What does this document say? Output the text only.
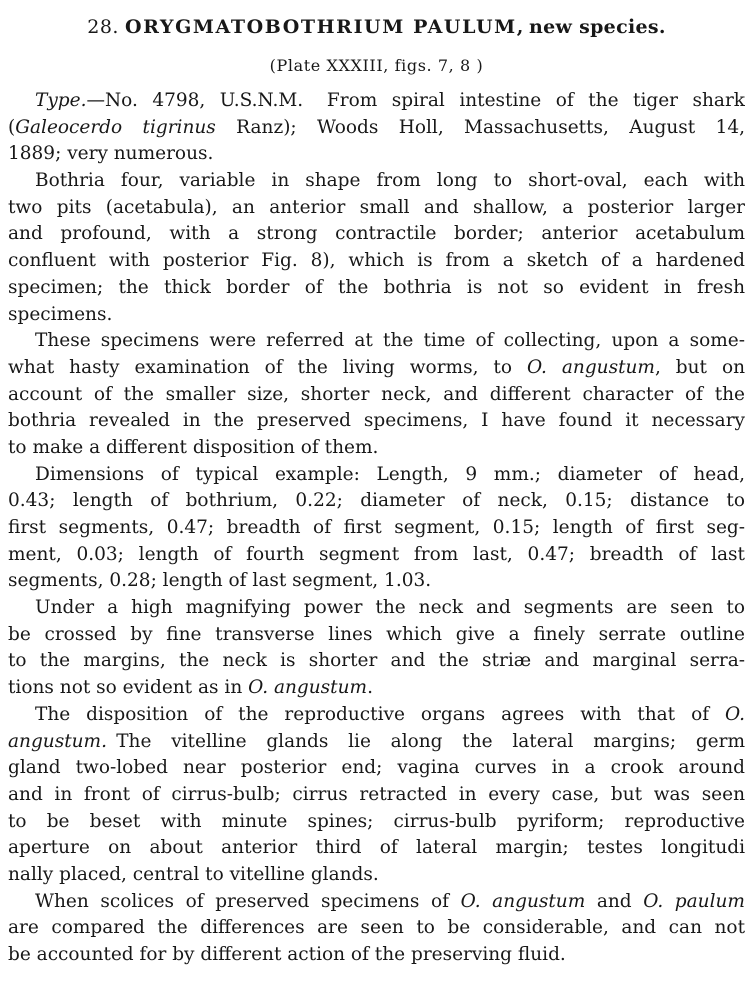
28. ORYGMATOBOTHRIUM PAULUM, new species.
(Plate XXXIII, figs. 7, 8 )

Type.—No. 4798, U.S.N.M.  From spiral intestine of the tiger shark
(Galeocerdo tigrinus Ranz); Woods Holl, Massachusetts, August 14,
1889; very numerous.

Bothria four, variable in shape from long to short-oval, each with
two pits (acetabula), an anterior small and shallow, a posterior larger
and profound, with a strong contractile border; anterior acetabulum
confluent with posterior Fig. 8), which is from a sketch of a hardened
specimen; the thick border of the bothria is not so evident in fresh
specimens.

These specimens were referred at the time of collecting, upon a some-
what hasty examination of the living worms, to O. angustum, but on
account of the smaller size, shorter neck, and different character of the
bothria revealed in the preserved specimens, I have found it necessary
to make a different disposition of them.

Dimensions of typical example: Length, 9 mm.; diameter of head,
0.43; length of bothrium, 0.22; diameter of neck, 0.15; distance to
first segments, 0.47; breadth of first segment, 0.15; length of first seg-
ment, 0.03; length of fourth segment from last, 0.47; breadth of last
segments, 0.28; length of last segment, 1.03.

Under a high magnifying power the neck and segments are seen to
be crossed by fine transverse lines which give a finely serrate outline
to the margins, the neck is shorter and the striæ and marginal serra-
tions not so evident as in O. angustum.

The disposition of the reproductive organs agrees with that of O.
angustum. The vitelline glands lie along the lateral margins; germ
gland two-lobed near posterior end; vagina curves in a crook around
and in front of cirrus-bulb; cirrus retracted in every case, but was seen
to be beset with minute spines; cirrus-bulb pyriform; reproductive
aperture on about anterior third of lateral margin; testes longitudi
nally placed, central to vitelline glands.

When scolices of preserved specimens of O. angustum and O. paulum
are compared the differences are seen to be considerable, and can not
be accounted for by different action of the preserving fluid.
